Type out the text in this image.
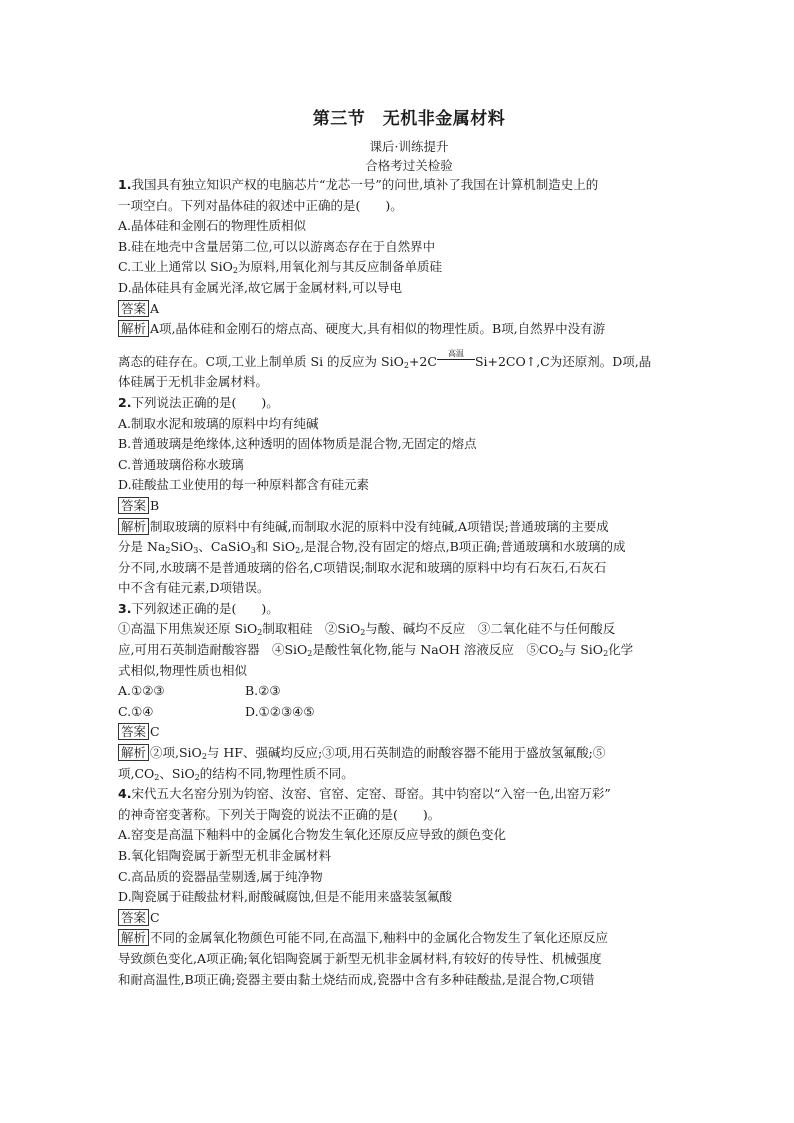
第三节　无机非金属材料
课后·训练提升
合格考过关检验
1.我国具有独立知识产权的电脑芯片“龙芯一号”的问世,填补了我国在计算机制造史上的
一项空白。下列对晶体硅的叙述中正确的是(　　)。
A.晶体硅和金刚石的物理性质相似
B.硅在地壳中含量居第二位,可以以游离态存在于自然界中
C.工业上通常以 SiO$_2$为原料,用氧化剂与其反应制备单质硅
D.晶体硅具有金属光泽,故它属于金属材料,可以导电
答案 A
解析 A项,晶体硅和金刚石的熔点高、硬度大,具有相似的物理性质。B项,自然界中没有游
离态的硅存在。C项,工业上制单质 Si 的反应为 SiO$_2$+2C
高温
Si+2CO↑,C为还原剂。D项,晶
体硅属于无机非金属材料。
2.下列说法正确的是(　　)。
A.制取水泥和玻璃的原料中均有纯碱
B.普通玻璃是绝缘体,这种透明的固体物质是混合物,无固定的熔点
C.普通玻璃俗称水玻璃
D.硅酸盐工业使用的每一种原料都含有硅元素
答案 B
解析 制取玻璃的原料中有纯碱,而制取水泥的原料中没有纯碱,A项错误;普通玻璃的主要成
分是 $Na_2SiO_3$、CaSiO$_3$和 SiO$_2$,是混合物,没有固定的熔点,B项正确;普通玻璃和水玻璃的成
分不同,水玻璃不是普通玻璃的俗名,C项错误;制取水泥和玻璃的原料中均有石灰石,石灰石
中不含有硅元素,D项错误。
3.下列叙述正确的是(　　)。
①高温下用焦炭还原 SiO$_2$制取粗硅　②SiO$_2$与酸、碱均不反应　③二氧化硅不与任何酸反
应,可用石英制造耐酸容器　④SiO$_2$是酸性氧化物,能与 NaOH 溶液反应　$⑤CO_2$与 SiO$_2$化学
式相似,物理性质也相似
A.①②③	B.②③
C.①④	D.①②③④⑤
答案 C
解析 ②项,SiO$_2$与 HF、强碱均反应;③项,用石英制造的耐酸容器不能用于盛放氢氟酸;⑤
项$,CO_2$、SiO$_2$的结构不同,物理性质不同。
4.宋代五大名窑分别为钧窑、汝窑、官窑、定窑、哥窑。其中钧窑以“入窑一色,出窑万彩”
的神奇窑变著称。下列关于陶瓷的说法不正确的是(　　)。
A.窑变是高温下釉料中的金属化合物发生氧化还原反应导致的颜色变化
B.氧化铝陶瓷属于新型无机非金属材料
C.高品质的瓷器晶莹剔透,属于纯净物
D.陶瓷属于硅酸盐材料,耐酸碱腐蚀,但是不能用来盛装氢氟酸
答案 C
解析 不同的金属氧化物颜色可能不同,在高温下,釉料中的金属化合物发生了氧化还原反应
导致颜色变化,A项正确;氧化铝陶瓷属于新型无机非金属材料,有较好的传导性、机械强度
和耐高温性,B项正确;瓷器主要由黏土烧结而成,瓷器中含有多种硅酸盐,是混合物,C项错
